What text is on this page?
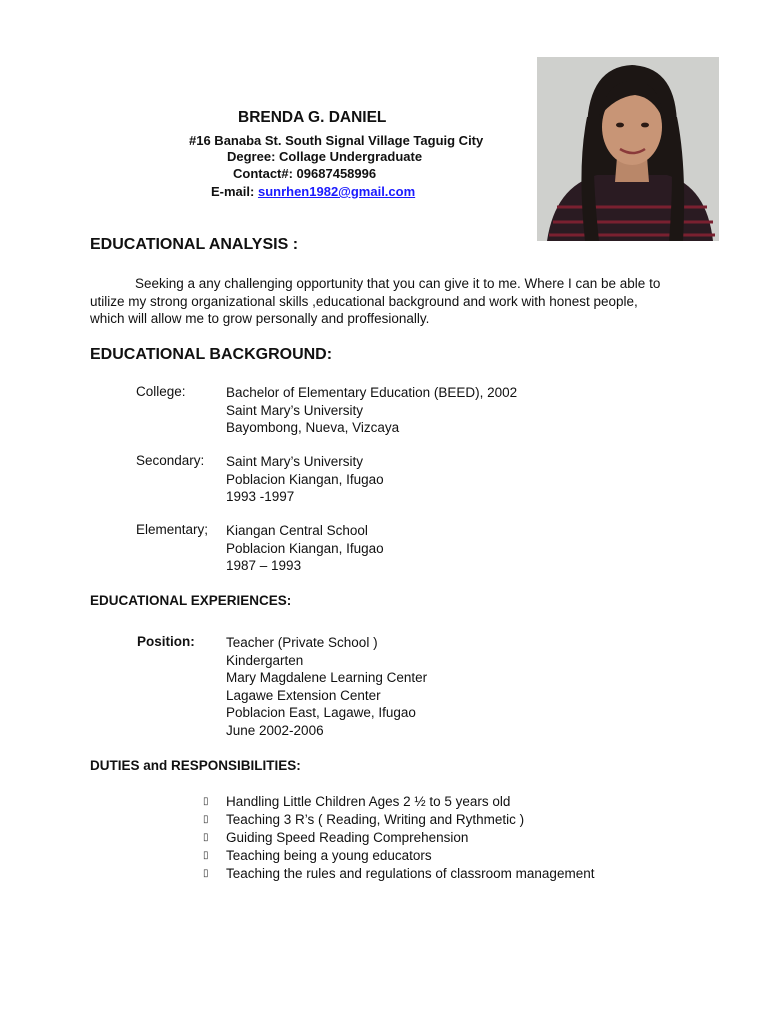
BRENDA G. DANIEL
#16 Banaba St. South Signal Village Taguig City
Degree: Collage Undergraduate
Contact#: 09687458996
E-mail: sunrhen1982@gmail.com
EDUCATIONAL ANALYSIS :
Seeking a any challenging opportunity that you can give it to me. Where I can be able to
utilize my strong organizational skills ,educational background and work with honest people,
which will allow me to grow personally and proffesionally.
EDUCATIONAL BACKGROUND:
College:	Bachelor of Elementary Education (BEED), 2002
Saint Mary’s University
Bayombong, Nueva, Vizcaya
Secondary: Saint Mary’s University
Poblacion Kiangan, Ifugao
1993 -1997
Elementary; Kiangan Central School
Poblacion Kiangan, Ifugao
1987 – 1993
EDUCATIONAL EXPERIENCES:
Position: Teacher (Private School )
Kindergarten
Mary Magdalene Learning Center
Lagawe Extension Center
Poblacion East, Lagawe, Ifugao
June 2002-2006
DUTIES and RESPONSIBILITIES:
▯	Handling Little Children Ages 2 ½ to 5 years old
▯	Teaching 3 R’s ( Reading, Writing and Rythmetic )
▯	Guiding Speed Reading Comprehension
▯	Teaching being a young educators
▯	Teaching the rules and regulations of classroom management
